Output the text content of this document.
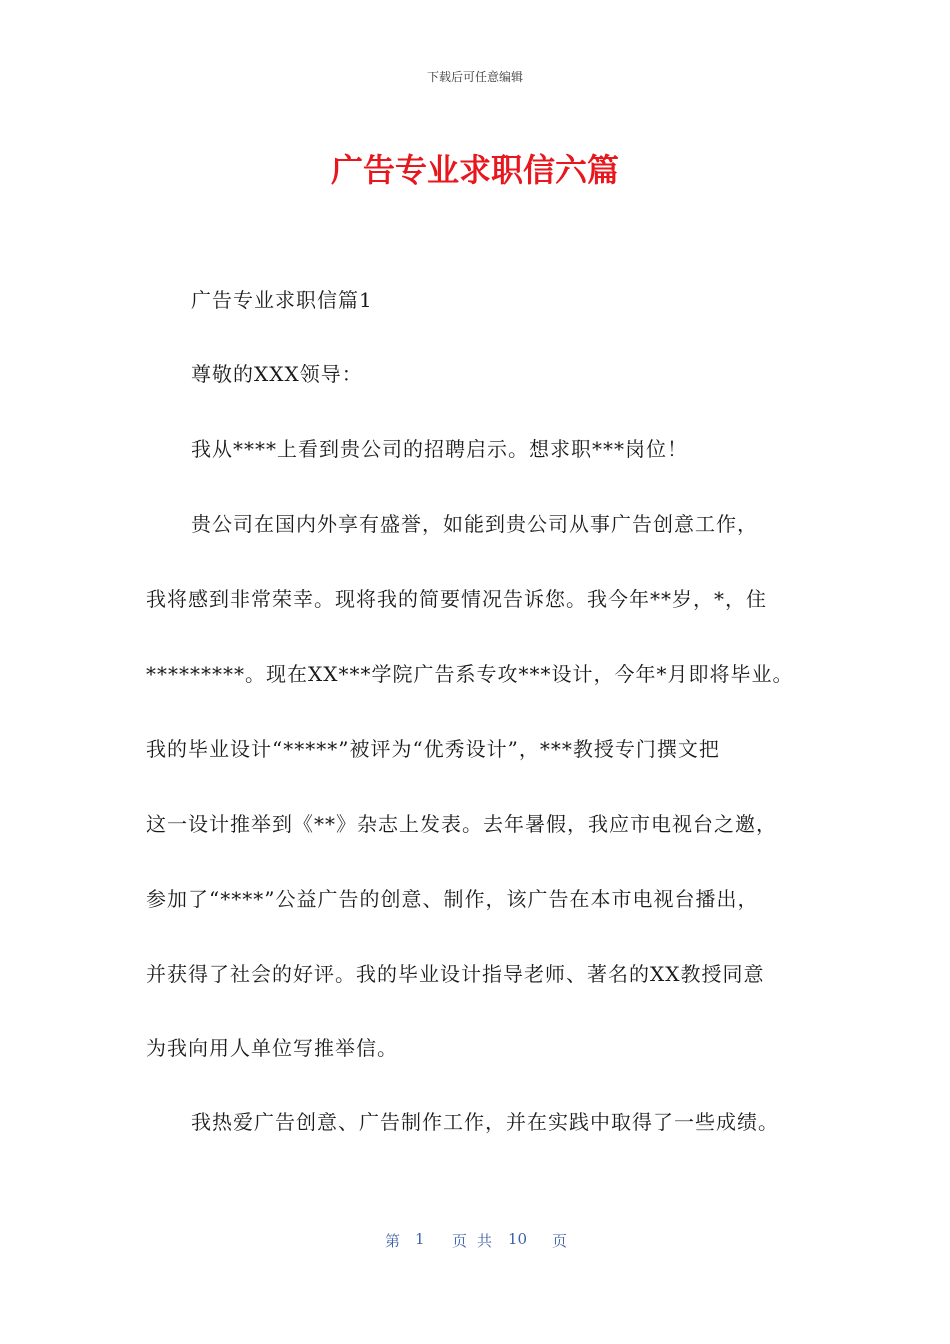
下载后可任意编辑
广告专业求职信六篇
广告专业求职信篇1
尊敬的XXX领导：
我从****上看到贵公司的招聘启示。想求职***岗位！
贵公司在国内外享有盛誉，如能到贵公司从事广告创意工作，
我将感到非常荣幸。现将我的简要情况告诉您。我今年**岁，*，住
*********。现在XX***学院广告系专攻***设计，今年*月即将毕业。
我的毕业设计“*****”被评为“优秀设计”，***教授专门撰文把
这一设计推举到《**》杂志上发表。去年暑假，我应市电视台之邀，
参加了“****”公益广告的创意、制作，该广告在本市电视台播出，
并获得了社会的好评。我的毕业设计指导老师、著名的XX教授同意
为我向用人单位写推举信。
我热爱广告创意、广告制作工作，并在实践中取得了一些成绩。
第 1 页 共 10 页
